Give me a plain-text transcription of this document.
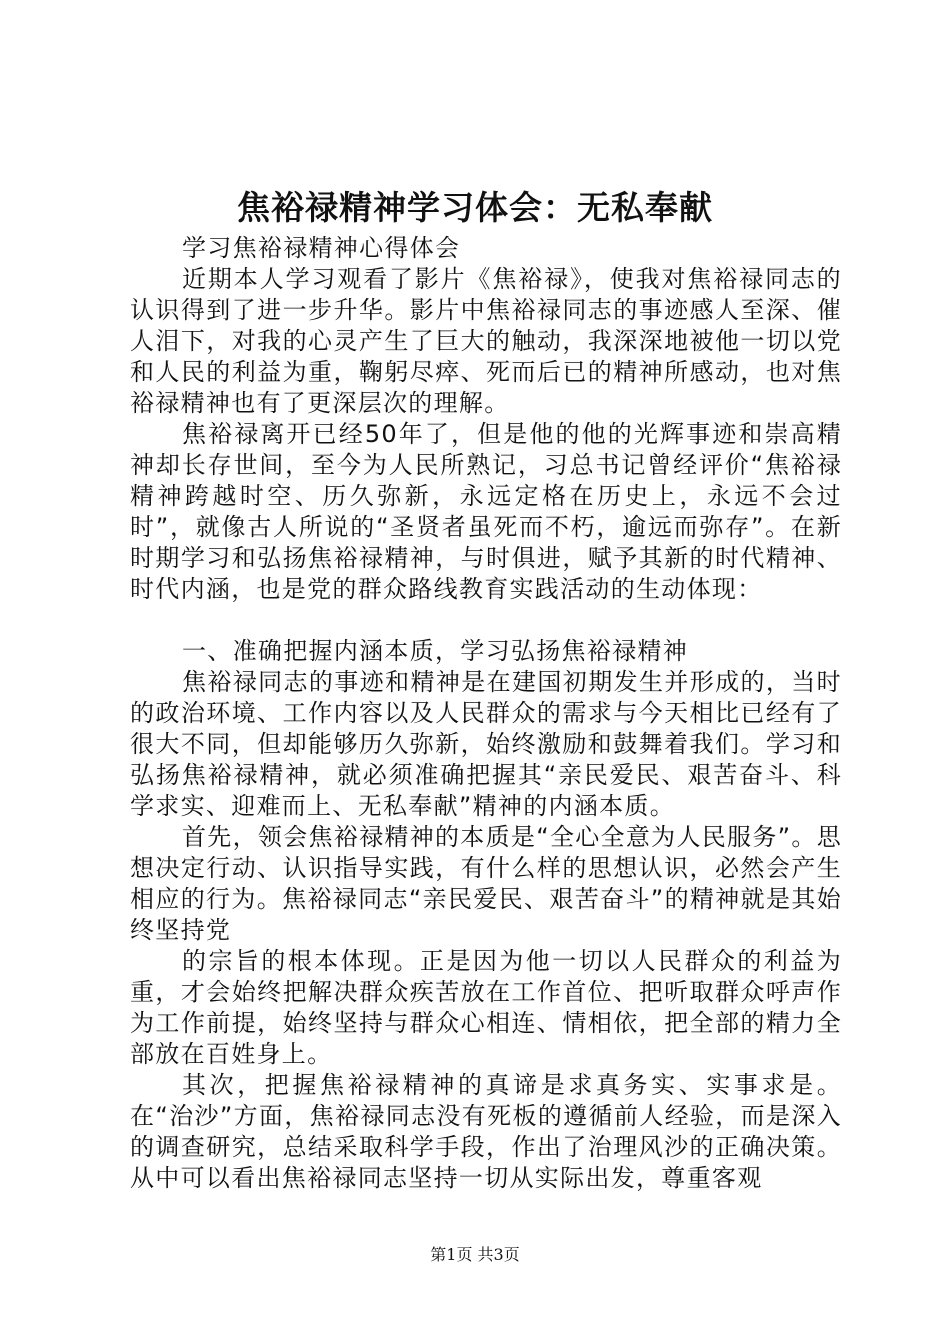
焦裕禄精神学习体会：无私奉献

学习焦裕禄精神心得体会

近期本人学习观看了影片《焦裕禄》，使我对焦裕禄同志的认识得到了进一步升华。影片中焦裕禄同志的事迹感人至深、催人泪下，对我的心灵产生了巨大的触动，我深深地被他一切以党和人民的利益为重，鞠躬尽瘁、死而后已的精神所感动，也对焦裕禄精神也有了更深层次的理解。

焦裕禄离开已经50年了，但是他的他的光辉事迹和崇高精神却长存世间，至今为人民所熟记，习总书记曾经评价“焦裕禄精神跨越时空、历久弥新，永远定格在历史上，永远不会过时”，就像古人所说的“圣贤者虽死而不朽，逾远而弥存”。在新时期学习和弘扬焦裕禄精神，与时俱进，赋予其新的时代精神、时代内涵，也是党的群众路线教育实践活动的生动体现：

一、准确把握内涵本质，学习弘扬焦裕禄精神

焦裕禄同志的事迹和精神是在建国初期发生并形成的，当时的政治环境、工作内容以及人民群众的需求与今天相比已经有了很大不同，但却能够历久弥新，始终激励和鼓舞着我们。学习和弘扬焦裕禄精神，就必须准确把握其“亲民爱民、艰苦奋斗、科学求实、迎难而上、无私奉献”精神的内涵本质。

首先，领会焦裕禄精神的本质是“全心全意为人民服务”。思想决定行动、认识指导实践，有什么样的思想认识，必然会产生相应的行为。焦裕禄同志“亲民爱民、艰苦奋斗”的精神就是其始终坚持党

的宗旨的根本体现。正是因为他一切以人民群众的利益为重，才会始终把解决群众疾苦放在工作首位、把听取群众呼声作为工作前提，始终坚持与群众心相连、情相依，把全部的精力全部放在百姓身上。

其次，把握焦裕禄精神的真谛是求真务实、实事求是。在“治沙”方面，焦裕禄同志没有死板的遵循前人经验，而是深入的调查研究，总结采取科学手段，作出了治理风沙的正确决策。从中可以看出焦裕禄同志坚持一切从实际出发，尊重客观

第1页 共3页
